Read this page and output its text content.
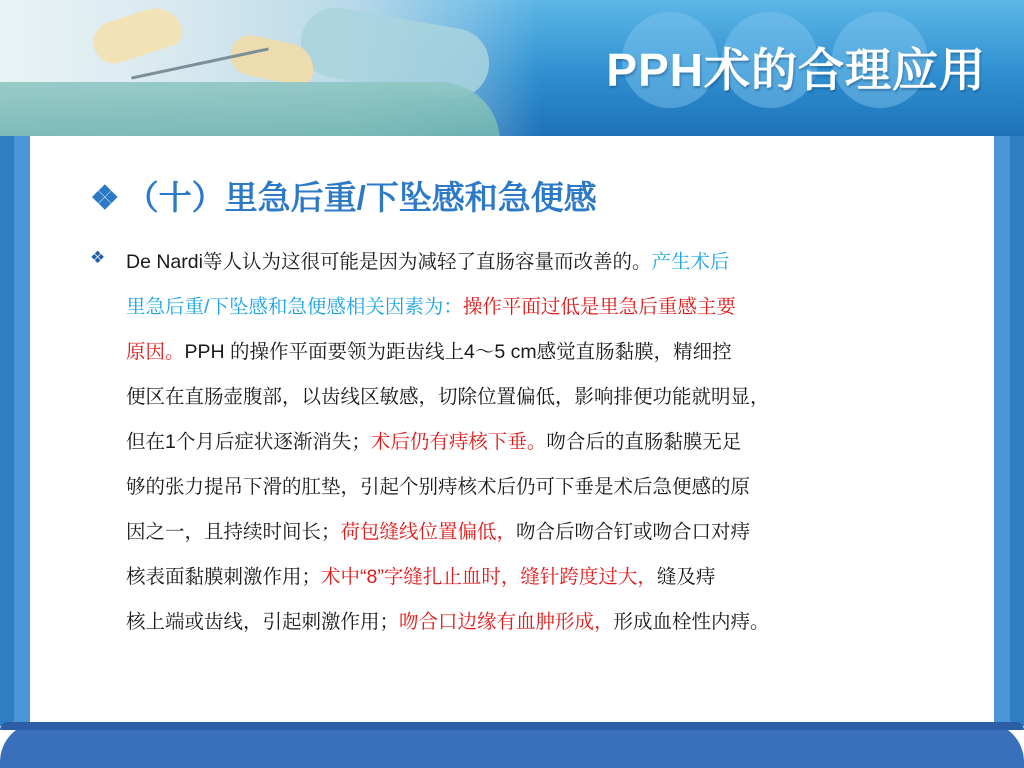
PPH术的合理应用
❖ （十）里急后重/下坠感和急便感
❖ De Nardi等人认为这很可能是因为减轻了直肠容量而改善的。产生术后
里急后重/下坠感和急便感相关因素为：操作平面过低是里急后重感主要
原因。PPH 的操作平面要领为距齿线上4～5 cm感觉直肠黏膜，精细控
便区在直肠壶腹部，以齿线区敏感，切除位置偏低，影响排便功能就明显，
但在1个月后症状逐渐消失；术后仍有痔核下垂。吻合后的直肠黏膜无足
够的张力提吊下滑的肛垫，引起个别痔核术后仍可下垂是术后急便感的原
因之一，且持续时间长；荷包缝线位置偏低，吻合后吻合钉或吻合口对痔
核表面黏膜刺激作用；术中“8”字缝扎止血时，缝针跨度过大，缝及痔
核上端或齿线，引起刺激作用；吻合口边缘有血肿形成，形成血栓性内痔。
